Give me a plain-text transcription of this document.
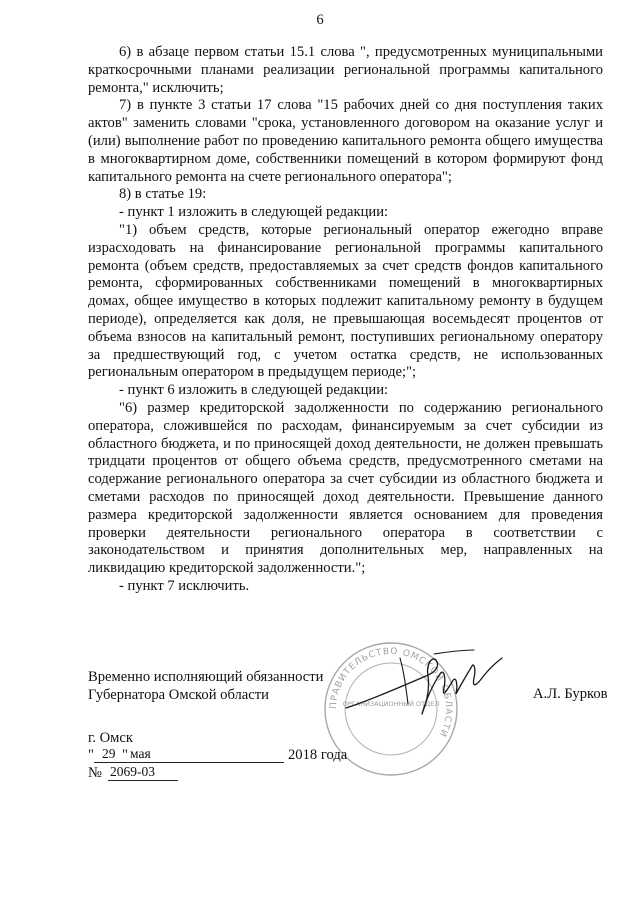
6

6) в абзаце первом статьи 15.1 слова ", предусмотренных муниципальными краткосрочными планами реализации региональной программы капитального ремонта," исключить;

7) в пункте 3 статьи 17 слова "15 рабочих дней со дня поступления таких актов" заменить словами "срока, установленного договором на оказание услуг и (или) выполнение работ по проведению капитального ремонта общего имущества в многоквартирном доме, собственники помещений в котором формируют фонд капитального ремонта на счете регионального оператора";

8) в статье 19:

- пункт 1 изложить в следующей редакции:

"1) объем средств, которые региональный оператор ежегодно вправе израсходовать на финансирование региональной программы капитального ремонта (объем средств, предоставляемых за счет средств фондов капитального ремонта, сформированных собственниками помещений в многоквартирных домах, общее имущество в которых подлежит капитальному ремонту в будущем периоде), определяется как доля, не превышающая восемьдесят процентов от объема взносов на капитальный ремонт, поступивших региональному оператору за предшествующий год, с учетом остатка средств, не использованных региональным оператором в предыдущем периоде;";

- пункт 6 изложить в следующей редакции:

"6) размер кредиторской задолженности по содержанию регионального оператора, сложившейся по расходам, финансируемым за счет субсидии из областного бюджета, и по приносящей доход деятельности, не должен превышать тридцати процентов от общего объема средств, предусмотренного сметами на содержание регионального оператора за счет субсидии из областного бюджета и сметами расходов по приносящей доход деятельности. Превышение данного размера кредиторской задолженности является основанием для проведения проверки деятельности регионального оператора в соответствии с законодательством и принятия дополнительных мер, направленных на ликвидацию кредиторской задолженности.";

- пункт 7 исключить.

Временно исполняющий обязанности
Губернатора Омской области
ПРАВИТЕЛЬСТВО ОМСКОЙ ОБЛАСТИ
ОРГАНИЗАЦИОННЫЙ ОТДЕЛ
А.Л. Бурков
г. Омск
" 29 " мая	2018 года
№ 2069-03
